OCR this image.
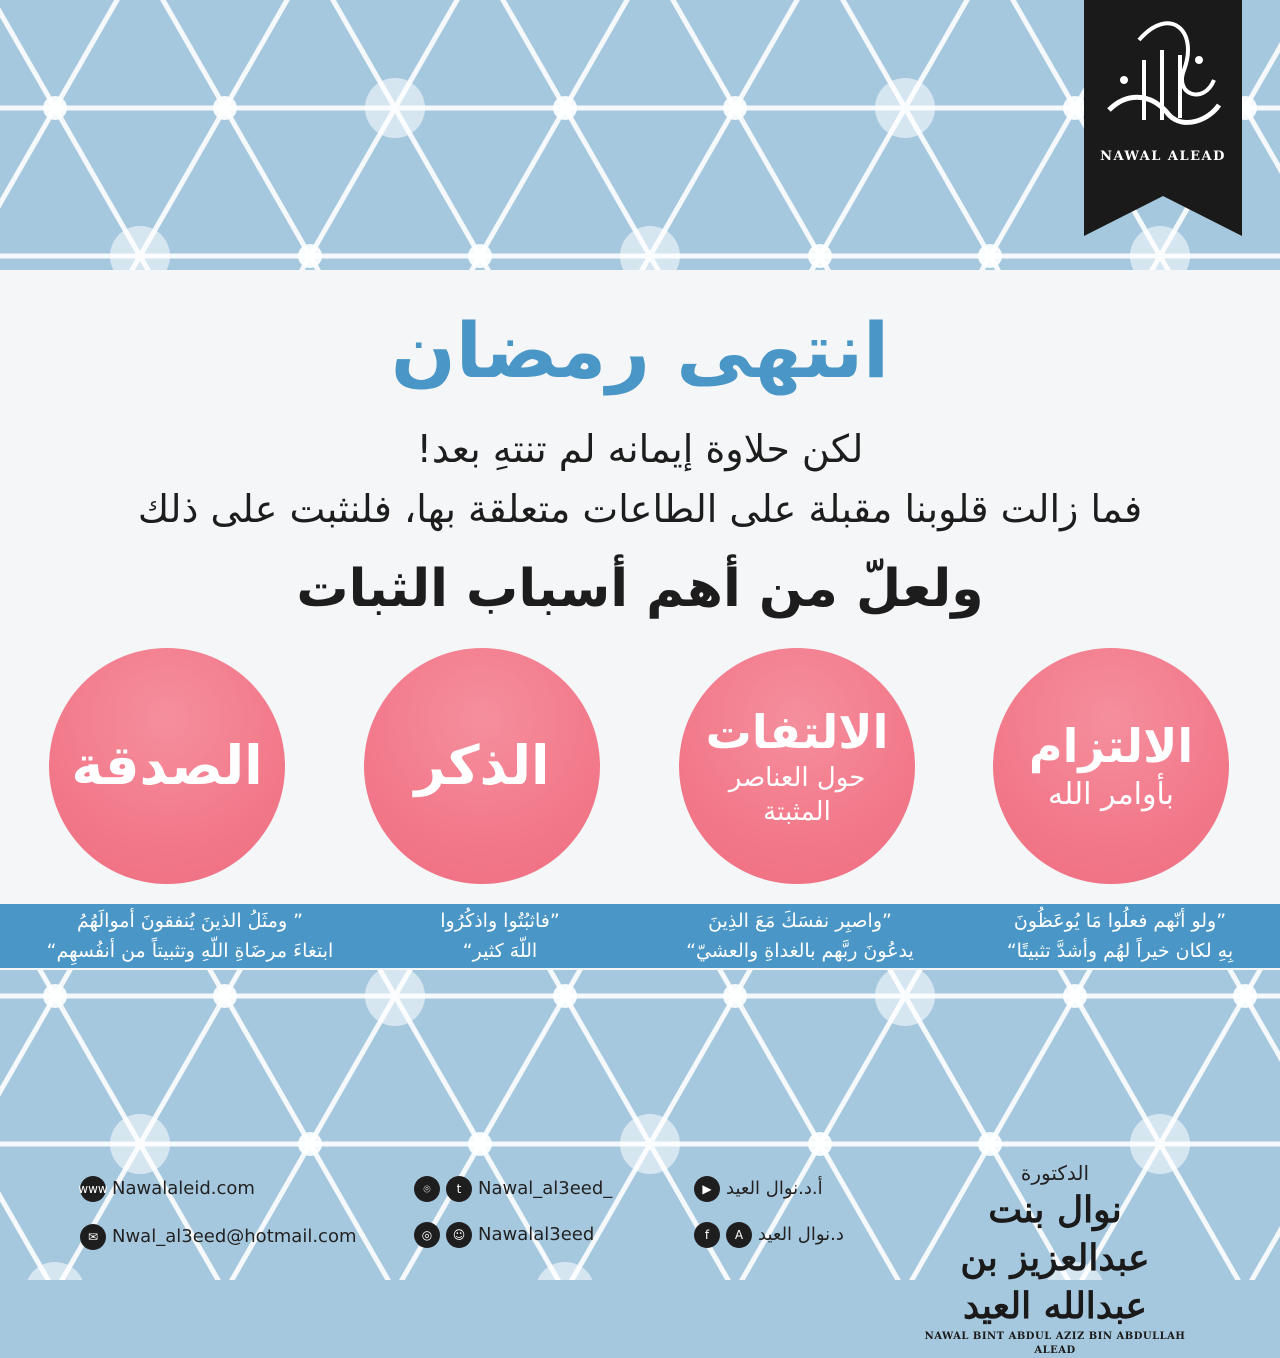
NAWAL ALEAD
انتهى رمضان
لكن حلاوة إيمانه لم تنتهِ بعد!
فما زالت قلوبنا مقبلة على الطاعات متعلقة بها، فلنثبت على ذلك
ولعلّ من أهم أسباب الثبات
الالتزام
بأوامر الله
الالتفات
حول العناصر
المثبتة
الذكر
الصدقة
”ولو أنّهم فعلُوا مَا يُوعَظُونَ
بِهِ لكان خيراً لهُم وأشدَّ تثبيتًا“
”واصبِر نفسَكَ مَعَ الذِينَ
يدعُونَ ربَّهم بالغداةِ والعشيّ“
”فاثبُتُوا واذكُرُوا
اللّهَ كثير“
” ومثَلُ الذينَ يُنفقونَ أموالَهُمُ
ابتغاءَ مرضَاةِ اللّهِ وتثبيتاً من أنفُسهِم“
www Nawalaleid.com
✉ Nwal_al3eed@hotmail.com
⌾	t Nawal_al3eed_
◎	☺ Nawalal3eed
▶ أ.د.نوال العيد
f	A د.نوال العيد
الدكتورة
نوال بنت عبدالعزيز بن عبدالله العيد
NAWAL BINT ABDUL AZIZ BIN ABDULLAH ALEAD
